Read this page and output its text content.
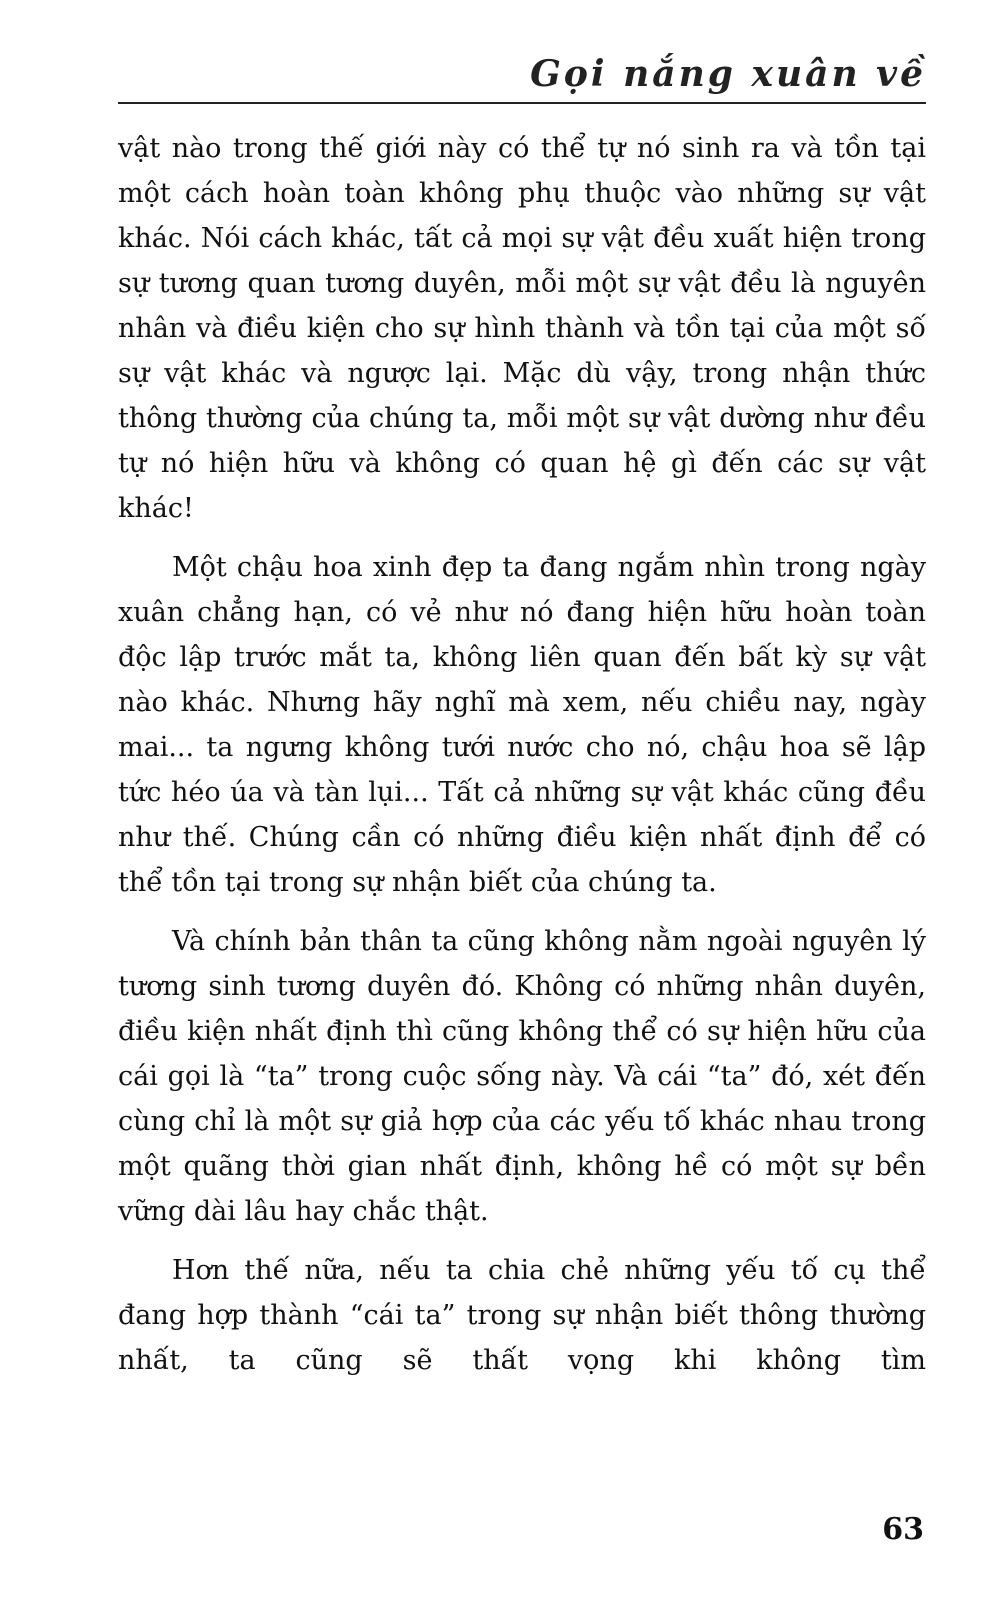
Gọi nắng xuân về

vật nào trong thế giới này có thể tự nó sinh ra và tồn tại một cách hoàn toàn không phụ thuộc vào những sự vật khác. Nói cách khác, tất cả mọi sự vật đều xuất hiện trong sự tương quan tương duyên, mỗi một sự vật đều là nguyên nhân và điều kiện cho sự hình thành và tồn tại của một số sự vật khác và ngược lại. Mặc dù vậy, trong nhận thức thông thường của chúng ta, mỗi một sự vật dường như đều tự nó hiện hữu và không có quan hệ gì đến các sự vật khác!

Một chậu hoa xinh đẹp ta đang ngắm nhìn trong ngày xuân chẳng hạn, có vẻ như nó đang hiện hữu hoàn toàn độc lập trước mắt ta, không liên quan đến bất kỳ sự vật nào khác. Nhưng hãy nghĩ mà xem, nếu chiều nay, ngày mai... ta ngưng không tưới nước cho nó, chậu hoa sẽ lập tức héo úa và tàn lụi... Tất cả những sự vật khác cũng đều như thế. Chúng cần có những điều kiện nhất định để có thể tồn tại trong sự nhận biết của chúng ta.

Và chính bản thân ta cũng không nằm ngoài nguyên lý tương sinh tương duyên đó. Không có những nhân duyên, điều kiện nhất định thì cũng không thể có sự hiện hữu của cái gọi là “ta” trong cuộc sống này. Và cái “ta” đó, xét đến cùng chỉ là một sự giả hợp của các yếu tố khác nhau trong một quãng thời gian nhất định, không hề có một sự bền vững dài lâu hay chắc thật.

Hơn thế nữa, nếu ta chia chẻ những yếu tố cụ thể đang hợp thành “cái ta” trong sự nhận biết thông thường nhất, ta cũng sẽ thất vọng khi không tìm

63
